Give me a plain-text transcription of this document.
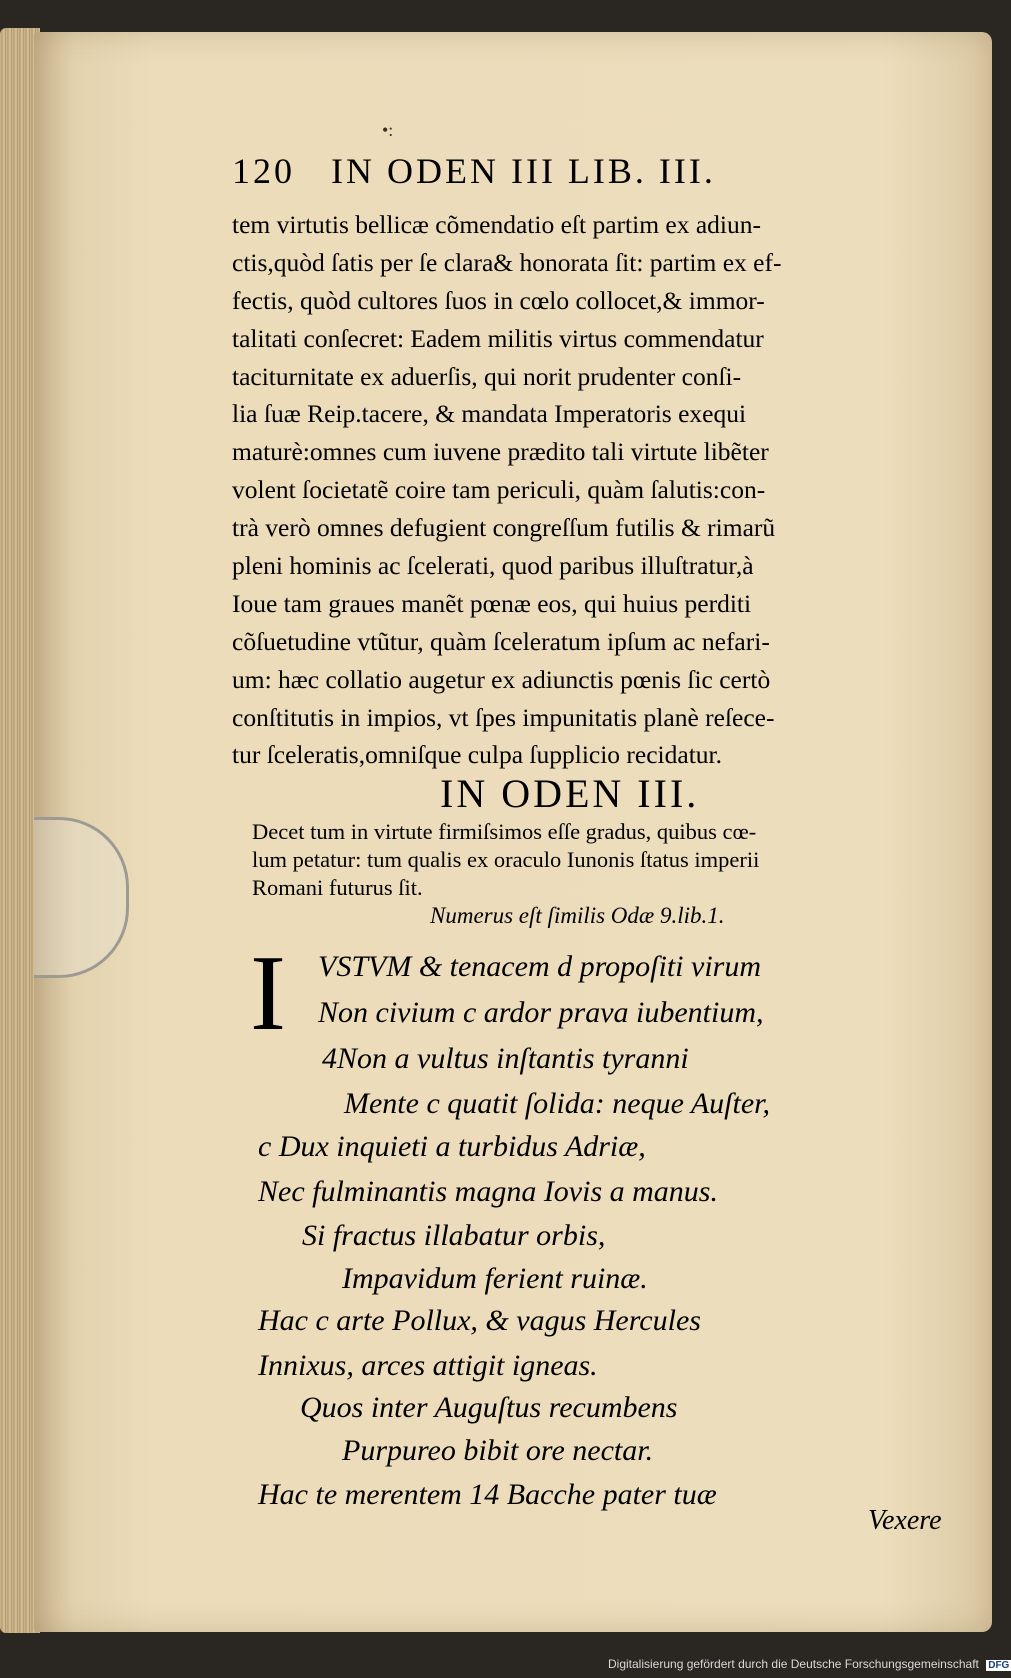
•:
120 IN ODEN III LIB. III.
tem virtutis bellicæ cõmendatio eſt partim ex adiun-
ctis,quòd ſatis per ſe clara& honorata ſit: partim ex ef-
fectis, quòd cultores ſuos in cœlo collocet,& immor-
talitati conſecret: Eadem militis virtus commendatur
taciturnitate ex aduerſis, qui norit prudenter conſi-
lia ſuæ Reip.tacere, & mandata Imperatoris exequi
maturè:omnes cum iuvene prædito tali virtute libẽter
volent ſocietatẽ coire tam periculi, quàm ſalutis:con-
trà verò omnes defugient congreſſum futilis & rimarũ
pleni hominis ac ſcelerati, quod paribus illuſtratur,à
Ioue tam graues manẽt pœnæ eos, qui huius perditi
cõſuetudine vtũtur, quàm ſceleratum ipſum ac nefari-
um: hæc collatio augetur ex adiunctis pœnis ſic certò
conſtitutis in impios, vt ſpes impunitatis planè reſece-
tur ſceleratis,omniſque culpa ſupplicio recidatur.
IN ODEN III.
Decet tum in virtute firmiſsimos eſſe gradus, quibus cœ-
lum petatur: tum qualis ex oraculo Iunonis ſtatus imperii
Romani futurus ſit.
Numerus eſt ſimilis Odæ 9.lib.1.
I VSTVM & tenacem d propoſiti virum
Non civium c ardor prava iubentium,
4Non a vultus inſtantis tyranni
Mente c quatit ſolida: neque Auſter,
c Dux inquieti a turbidus Adriæ,
Nec fulminantis magna Iovis a manus.
Si fractus illabatur orbis,
Impavidum ferient ruinæ.
Hac c arte Pollux, & vagus Hercules
Innixus, arces attigit igneas.
Quos inter Auguſtus recumbens
Purpureo bibit ore nectar.
Hac te merentem 14 Bacche pater tuæ
Vexere
Digitalisierung gefördert durch die Deutsche Forschungsgemeinschaft DFG
